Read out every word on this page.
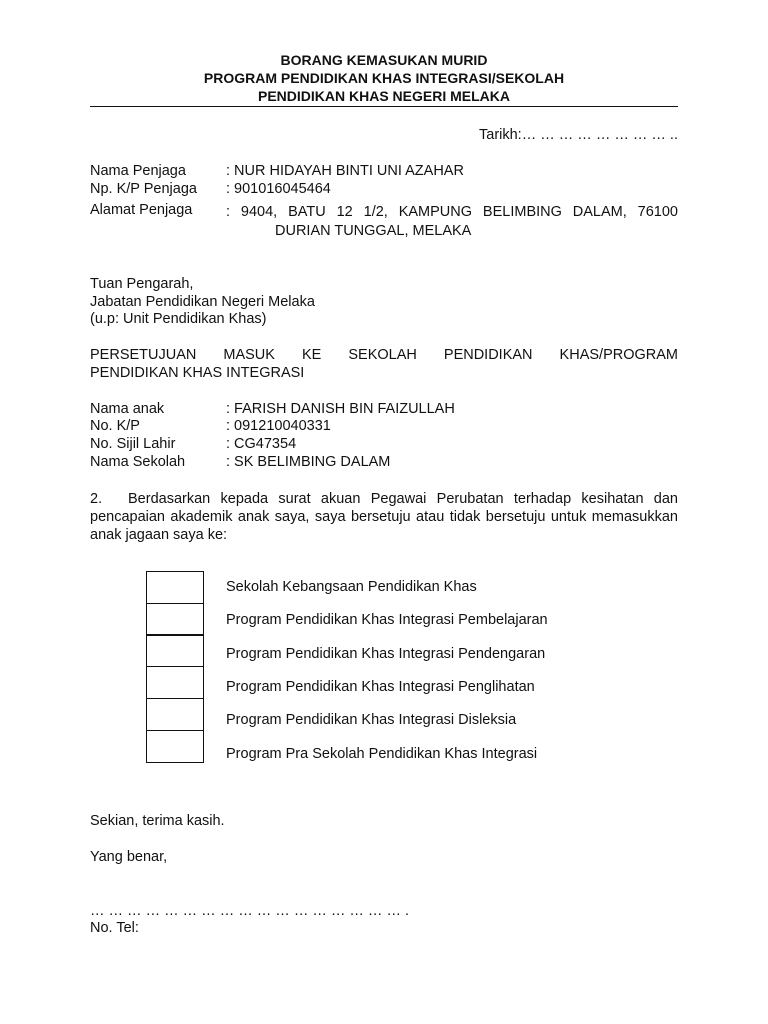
BORANG KEMASUKAN MURID
PROGRAM PENDIDIKAN KHAS INTEGRASI/SEKOLAH
PENDIDIKAN KHAS NEGERI MELAKA
Tarikh:… … … … … … … … ..
Nama Penjaga	: NUR HIDAYAH BINTI UNI AZAHAR
Np. K/P Penjaga	: 901016045464
Alamat Penjaga	: 9404, BATU 12 1/2, KAMPUNG BELIMBING DALAM, 76100
DURIAN TUNGGAL, MELAKA
Tuan Pengarah,
Jabatan Pendidikan Negeri Melaka
(u.p: Unit Pendidikan Khas)
PERSETUJUAN MASUK KE SEKOLAH PENDIDIKAN KHAS/PROGRAM
PENDIDIKAN KHAS INTEGRASI
Nama anak	: FARISH DANISH BIN FAIZULLAH
No. K/P	: 091210040331
No. Sijil Lahir	: CG47354
Nama Sekolah	: SK BELIMBING DALAM
2. Berdasarkan kepada surat akuan Pegawai Perubatan terhadap kesihatan dan pencapaian akademik anak saya, saya bersetuju atau tidak bersetuju untuk memasukkan anak jagaan saya ke:
Sekolah Kebangsaan Pendidikan Khas
Program Pendidikan Khas Integrasi Pembelajaran
Program Pendidikan Khas Integrasi Pendengaran
Program Pendidikan Khas Integrasi Penglihatan
Program Pendidikan Khas Integrasi Disleksia
Program Pra Sekolah Pendidikan Khas Integrasi
Sekian, terima kasih.
Yang benar,
… … … … … … … … … … … … … … … … … .
No. Tel:
